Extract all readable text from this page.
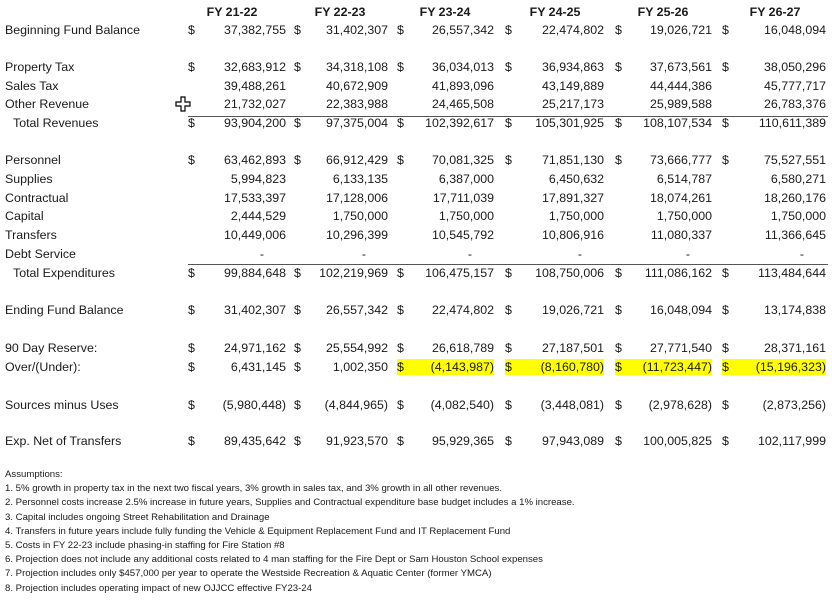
FY 21-22	FY 22-23	FY 23-24	FY 24-25	FY 25-26	FY 26-27
Beginning Fund Balance	$ 37,382,755 $ 31,402,307 $ 26,557,342 $ 22,474,802 $ 19,026,721 $	16,048,094
Property Tax	$ 32,683,912 $ 34,318,108 $ 36,034,013 $ 36,934,863 $ 37,673,561 $	38,050,296
Sales Tax	39,488,261	40,672,909	41,893,096	43,149,889	44,444,386	45,777,717
Other Revenue	21,732,027	22,383,988	24,465,508	25,217,173	25,989,588	26,783,376
Total Revenues	$ 93,904,200 $ 97,375,004 $ 102,392,617 $ 105,301,925 $ 108,107,534 $ 110,611,389
Personnel	$ 63,462,893 $ 66,912,429 $ 70,081,325 $ 71,851,130 $ 73,666,777 $	75,527,551
Supplies	5,994,823	6,133,135	6,387,000	6,450,632	6,514,787	6,580,271
Contractual	17,533,397	17,128,006	17,711,039	17,891,327	18,074,261	18,260,176
Capital	2,444,529	1,750,000	1,750,000	1,750,000	1,750,000	1,750,000
Transfers	10,449,006	10,296,399	10,545,792	10,806,916	11,080,337	11,366,645
Debt Service	-	-	-	-	-	-
Total Expenditures	$ 99,884,648 $ 102,219,969 $ 106,475,157 $ 108,750,006 $ 111,086,162 $ 113,484,644
Ending Fund Balance	$ 31,402,307 $ 26,557,342 $ 22,474,802 $ 19,026,721 $ 16,048,094 $	13,174,838
90 Day Reserve:	$ 24,971,162 $ 25,554,992 $ 26,618,789 $ 27,187,501 $ 27,771,540 $	28,371,161
Over/(Under):	$	6,431,145 $	1,002,350 $ (4,143,987) $ (8,160,780) $ (11,723,447) $ (15,196,323)
Sources minus Uses	$ (5,980,448) $ (4,844,965) $ (4,082,540) $ (3,448,081) $ (2,978,628) $	(2,873,256)
Exp. Net of Transfers	$ 89,435,642 $ 91,923,570 $ 95,929,365 $ 97,943,089 $ 100,005,825 $ 102,117,999
Assumptions:
1. 5% growth in property tax in the next two fiscal years, 3% growth in sales tax, and 3% growth in all other revenues.
2. Personnel costs increase 2.5% increase in future years, Supplies and Contractual expenditure base budget includes a 1% increase.
3. Capital includes ongoing Street Rehabilitation and Drainage
4. Transfers in future years include fully funding the Vehicle & Equipment Replacement Fund and IT Replacement Fund
5. Costs in FY 22-23 include phasing-in staffing for Fire Station #8
6. Projection does not include any additional costs related to 4 man staffing for the Fire Dept or Sam Houston School expenses
7. Projection includes only $457,000 per year to operate the Westside Recreation & Aquatic Center (former YMCA)
8. Projection includes operating impact of new OJJCC effective FY23-24
